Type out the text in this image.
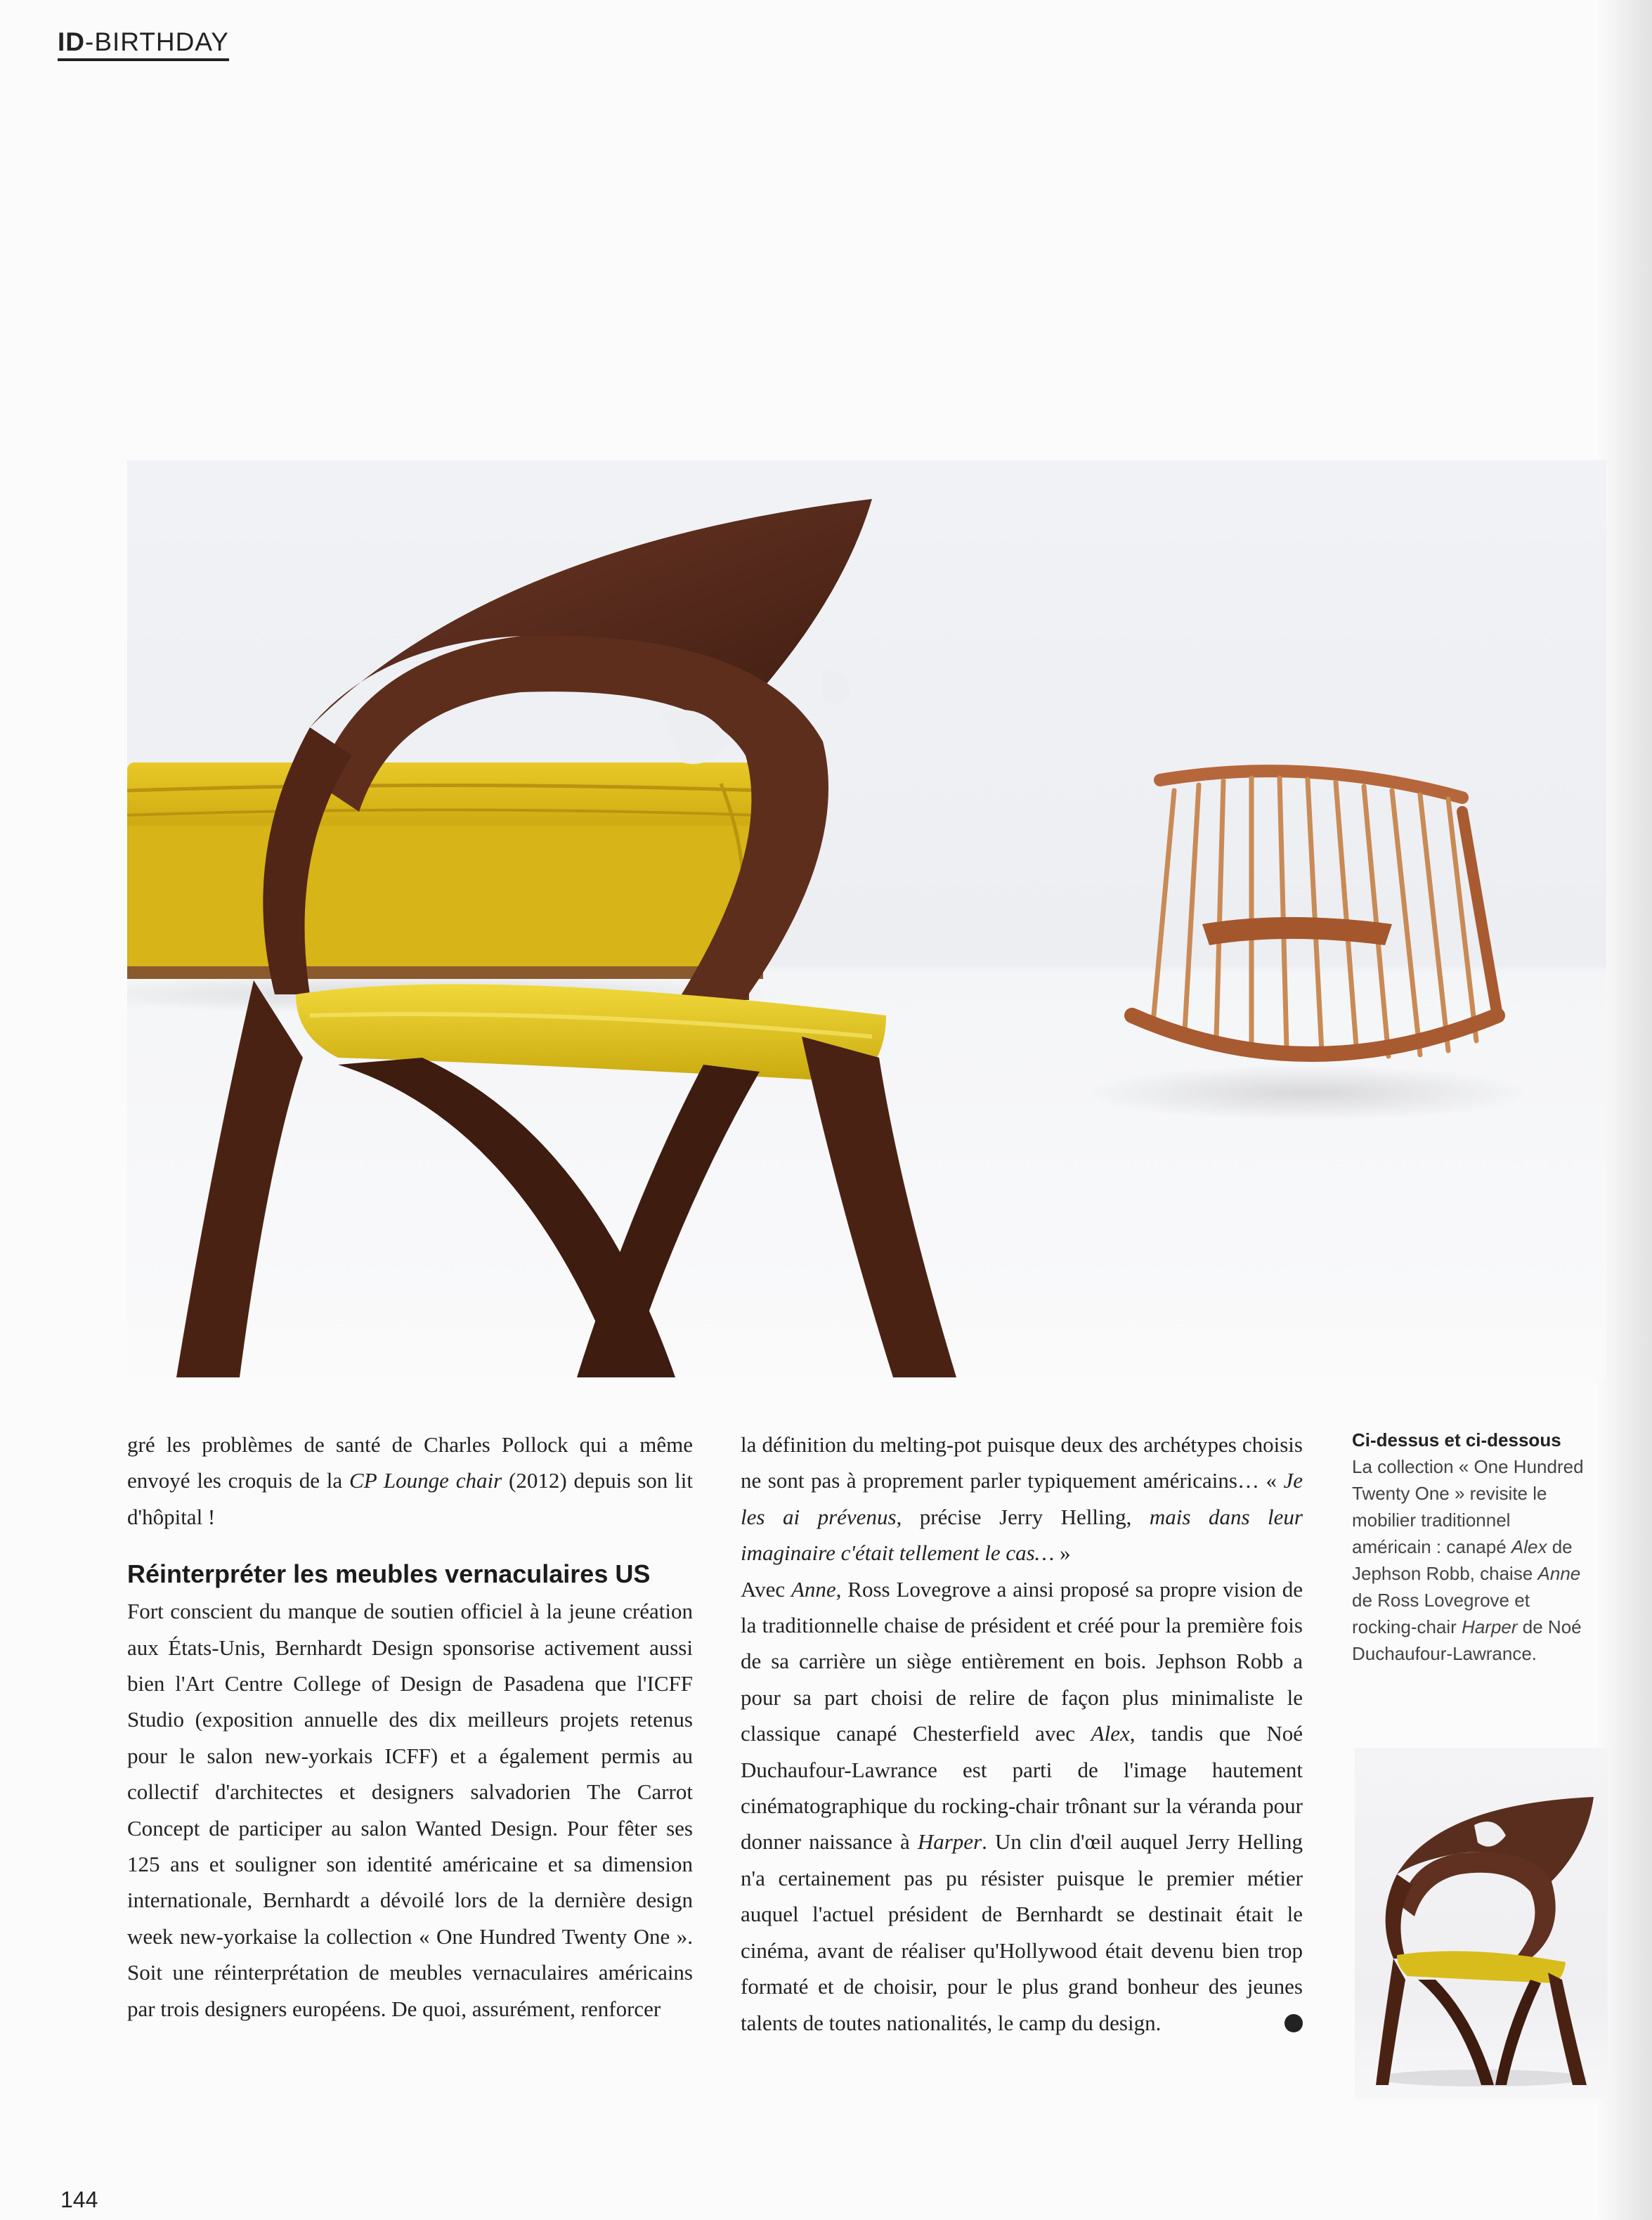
ID-BIRTHDAY

gré les problèmes de santé de Charles Pollock qui a même envoyé les croquis de la CP Lounge chair (2012) depuis son lit d'hôpital !

Réinterpréter les meubles vernaculaires US

Fort conscient du manque de soutien officiel à la jeune création aux États-Unis, Bernhardt Design sponsorise activement aussi bien l'Art Centre College of Design de Pasadena que l'ICFF Studio (exposition annuelle des dix meilleurs projets retenus pour le salon new-yorkais ICFF) et a également permis au collectif d'architectes et designers salvadorien The Carrot Concept de participer au salon Wanted Design. Pour fêter ses 125 ans et souligner son identité américaine et sa dimension internationale, Bernhardt a dévoilé lors de la dernière design week new-yorkaise la collection « One Hundred Twenty One ». Soit une réinterprétation de meubles vernaculaires américains par trois designers européens. De quoi, assurément, renforcer

la définition du melting-pot puisque deux des archétypes choisis ne sont pas à proprement parler typiquement américains… « Je les ai prévenus, précise Jerry Helling, mais dans leur imaginaire c'était tellement le cas… »

Avec Anne, Ross Lovegrove a ainsi proposé sa propre vision de la traditionnelle chaise de président et créé pour la première fois de sa carrière un siège entièrement en bois. Jephson Robb a pour sa part choisi de relire de façon plus minimaliste le classique canapé Chesterfield avec Alex, tandis que Noé Duchaufour-Lawrance est parti de l'image hautement cinématographique du rocking-chair trônant sur la véranda pour donner naissance à Harper. Un clin d'œil auquel Jerry Helling n'a certainement pas pu résister puisque le premier métier auquel l'actuel président de Bernhardt se destinait était le cinéma, avant de réaliser qu'Hollywood était devenu bien trop formaté et de choisir, pour le plus grand bonheur des jeunes talents de toutes nationalités, le camp du design.

Ci-dessus et ci-dessous
La collection « One Hundred Twenty One » revisite le mobilier traditionnel américain : canapé Alex de Jephson Robb, chaise Anne de Ross Lovegrove et rocking-chair Harper de Noé Duchaufour-Lawrance.
144
